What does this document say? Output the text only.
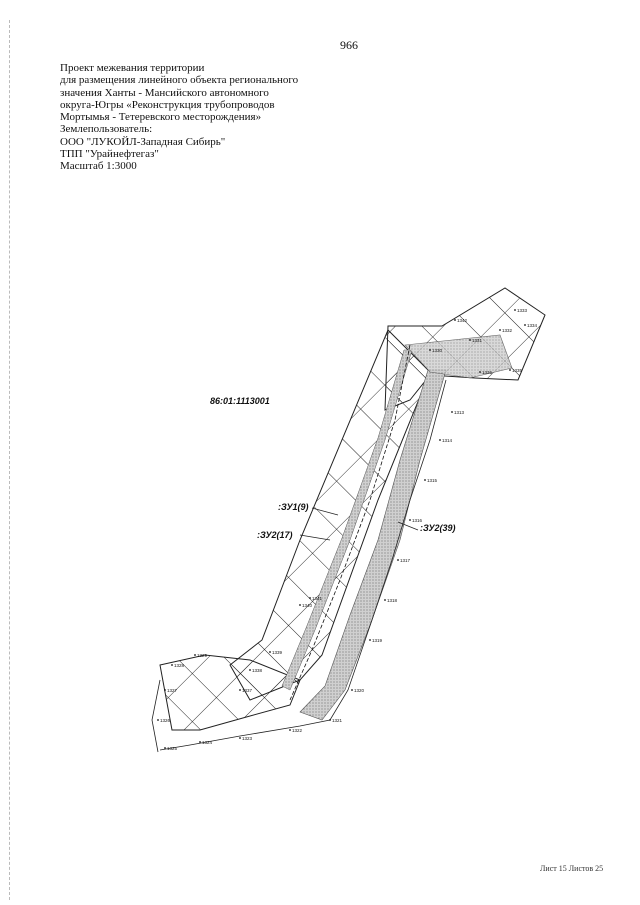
966
Проект межевания территории
для размещения линейного объекта регионального
значения Ханты - Мансийского автономного
округа-Югры «Реконструкция трубопроводов
Мортымья - Тетеревского месторождения»
Землепользователь:
ООО "ЛУКОЙЛ-Западная Сибирь"
ТПП "Урайнефтегаз"
Масштаб 1:3000
86:01:1113001
:ЗУ1(9)
:ЗУ2(17)
:ЗУ2(39)
1313
1314
1315
1316
1317
1318
1319
1320
1321
1322
1323
1324
1325
1326
1327
1328
1329
1330
1331
1332
1333
1334
1335
1336
1337
1338
1339
1340
1341
1342
Лист 15 Листов 25
